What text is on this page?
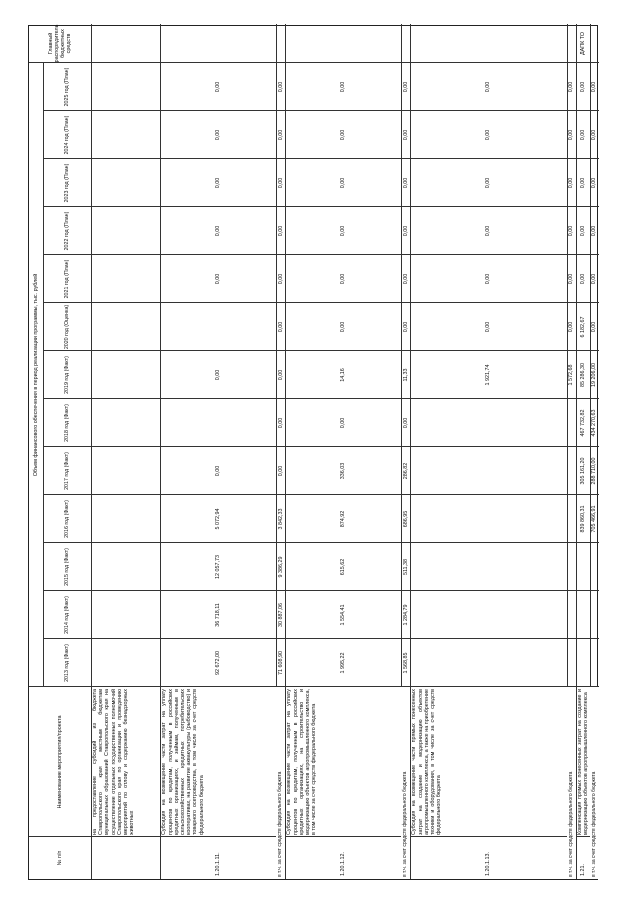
№ п/п
Наименование мероприятия/проекта
Объем финансового обеспечения в период реализации программы, тыс. рублей
2013 год (Факт)
2014 год (Факт)
2015 год (Факт)
2016 год (Факт)
2017 год (Факт)
2018 год (Факт)
2019 год (Факт)
2020 год (Оценка)
2021 год (План)
2022 год (План)
2023 год (План)
2024 год (План)
2025 год (План)
Главный распорядитель бюджетных средств
на предоставление субсидий из бюджета Ставропольского края местным бюджетам муниципальных образований Ставропольского края на осуществление отдельных государственных полномочий Ставропольского края по организации и проведению мероприятий по отлову и содержанию безнадзорных животных
1.20.1.11.
Субсидия на возмещение части затрат на уплату процентов по кредитам, полученным в российских кредитных организациях, и займам, полученным в сельскохозяйственных кредитных потребительских кооперативах, на развитие аквакультуры (рыбоводство) и товарного осетроводства, в том числе за счет средств федерального бюджета
92 672,00
36 718,11
12 057,73
5 072,94
0,00
0,00
0,00
0,00
0,00
0,00
0,00
в т.ч. за счет средств федерального бюджета
71 608,90
30 887,06
9 386,29
3 842,33
0,00
0,00
0,00
0,00
0,00
0,00
0,00
0,00
0,00
1.20.1.12.
Субсидия на возмещение части затрат на уплату процентов по кредитам, полученным в российских кредитных организациях, на строительство и модернизацию объектов агропромышленного комплекса, в том числе за счет средств федерального бюджета
1 995,22
1 554,41
615,62
874,92
336,03
0,00
14,16
0,00
0,00
0,00
0,00
0,00
0,00
в т.ч. за счет средств федерального бюджета
1 568,85
1 284,79
511,38
686,95
286,82
0,00
11,33
0,00
0,00
0,00
0,00
0,00
0,00
1.20.1.13.
Субсидия на возмещение части прямых понесенных затрат на создание и модернизацию объектов агропромышленного комплекса, а также на приобретение техники и оборудования, в том числе за счет средств федерального бюджета
1 921,74
0,00
0,00
0,00
0,00
0,00
0,00
в т.ч. за счет средств федерального бюджета
1 572,68
0,00
0,00
0,00
0,00
0,00
0,00
1.21.
Компенсация прямых понесенных затрат на создание и модернизацию объектов агропромышленного комплекса
839 860,31
305 161,20
467 732,82
85 286,30
6 182,67
0,00
0,00
0,00
0,00
0,00
ДАПК ТО
в т.ч. за счет средств федерального бюджета
705 466,91
288 710,00
434 270,63
19 206,00
0,00
0,00
0,00
0,00
0,00
0,00
